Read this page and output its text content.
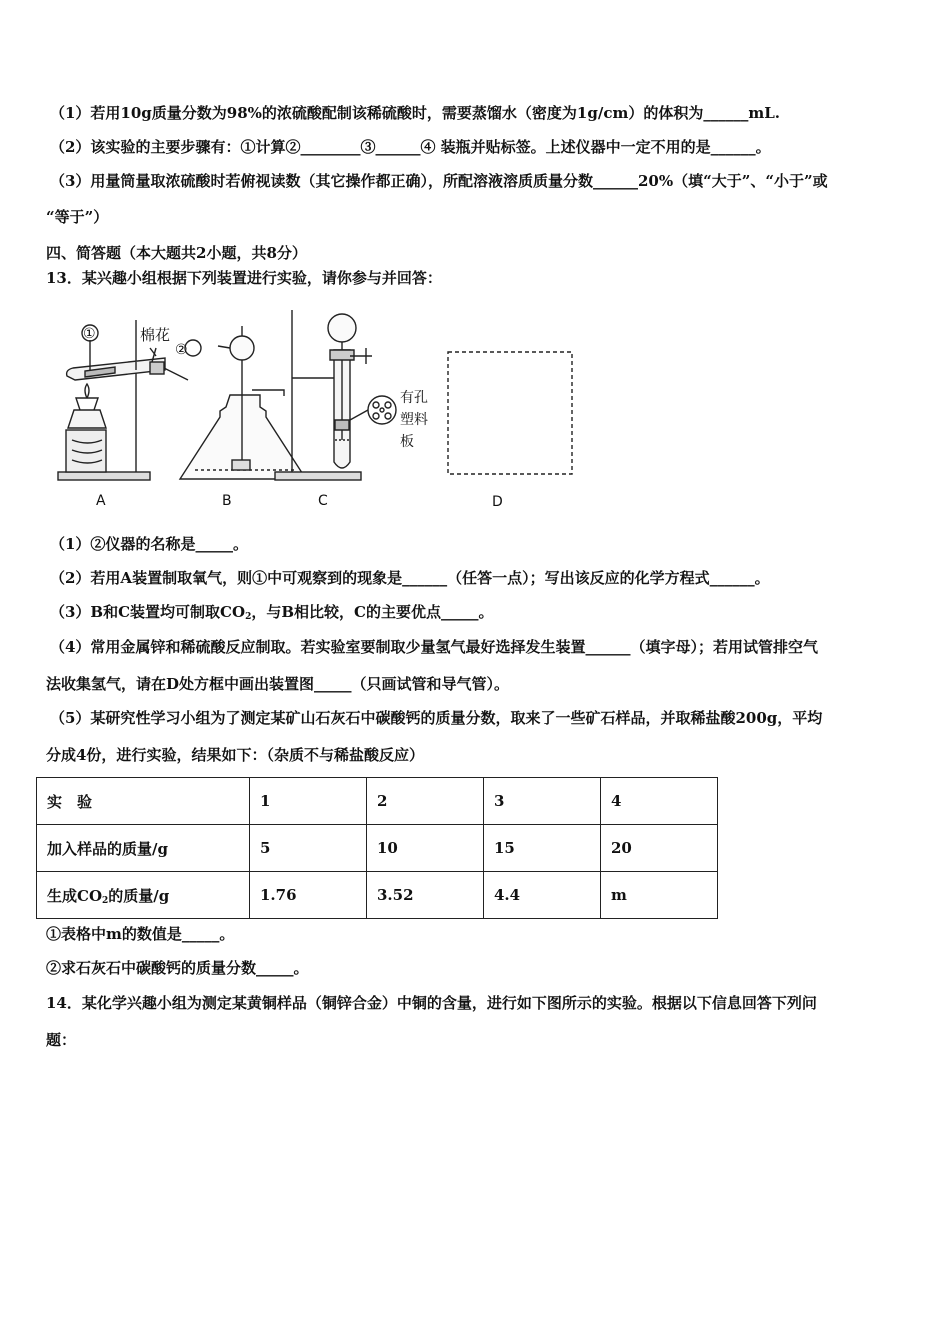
（1）若用10g质量分数为98%的浓硫酸配制该稀硫酸时，需要蒸馏水（密度为1g/cm）的体积为______mL.
（2）该实验的主要步骤有：①计算②________③______④ 装瓶并贴标签。上述仪器中一定不用的是______。
（3）用量筒量取浓硫酸时若俯视读数（其它操作都正确），所配溶液溶质质量分数______20%（填“大于”、“小于”或
“等于”）
四、简答题（本大题共2小题，共8分）
13．某兴趣小组根据下列装置进行实验，请你参与并回答：
①	棉花
②
有孔
塑料
板
A	B	C	D
（1）②仪器的名称是_____。
（2）若用A装置制取氧气，则①中可观察到的现象是______（任答一点）；写出该反应的化学方程式______。
（3）B和C装置均可制取$CO_2$，与B相比较，C的主要优点_____。
（4）常用金属锌和稀硫酸反应制取。若实验室要制取少量氢气最好选择发生装置______（填字母）；若用试管排空气
法收集氢气，请在D处方框中画出装置图_____（只画试管和导气管）。
（5）某研究性学习小组为了测定某矿山石灰石中碳酸钙的质量分数，取来了一些矿石样品，并取稀盐酸200g，平均
分成4份，进行实验，结果如下：（杂质不与稀盐酸反应）
实　验	1	2	3	4
加入样品的质量/g	5	10	15	20
生成$CO_2$的质量/g	1.76	3.52	4.4	m
①表格中m的数值是_____。
②求石灰石中碳酸钙的质量分数_____。
14．某化学兴趣小组为测定某黄铜样品（铜锌合金）中铜的含量，进行如下图所示的实验。根据以下信息回答下列问
题：
